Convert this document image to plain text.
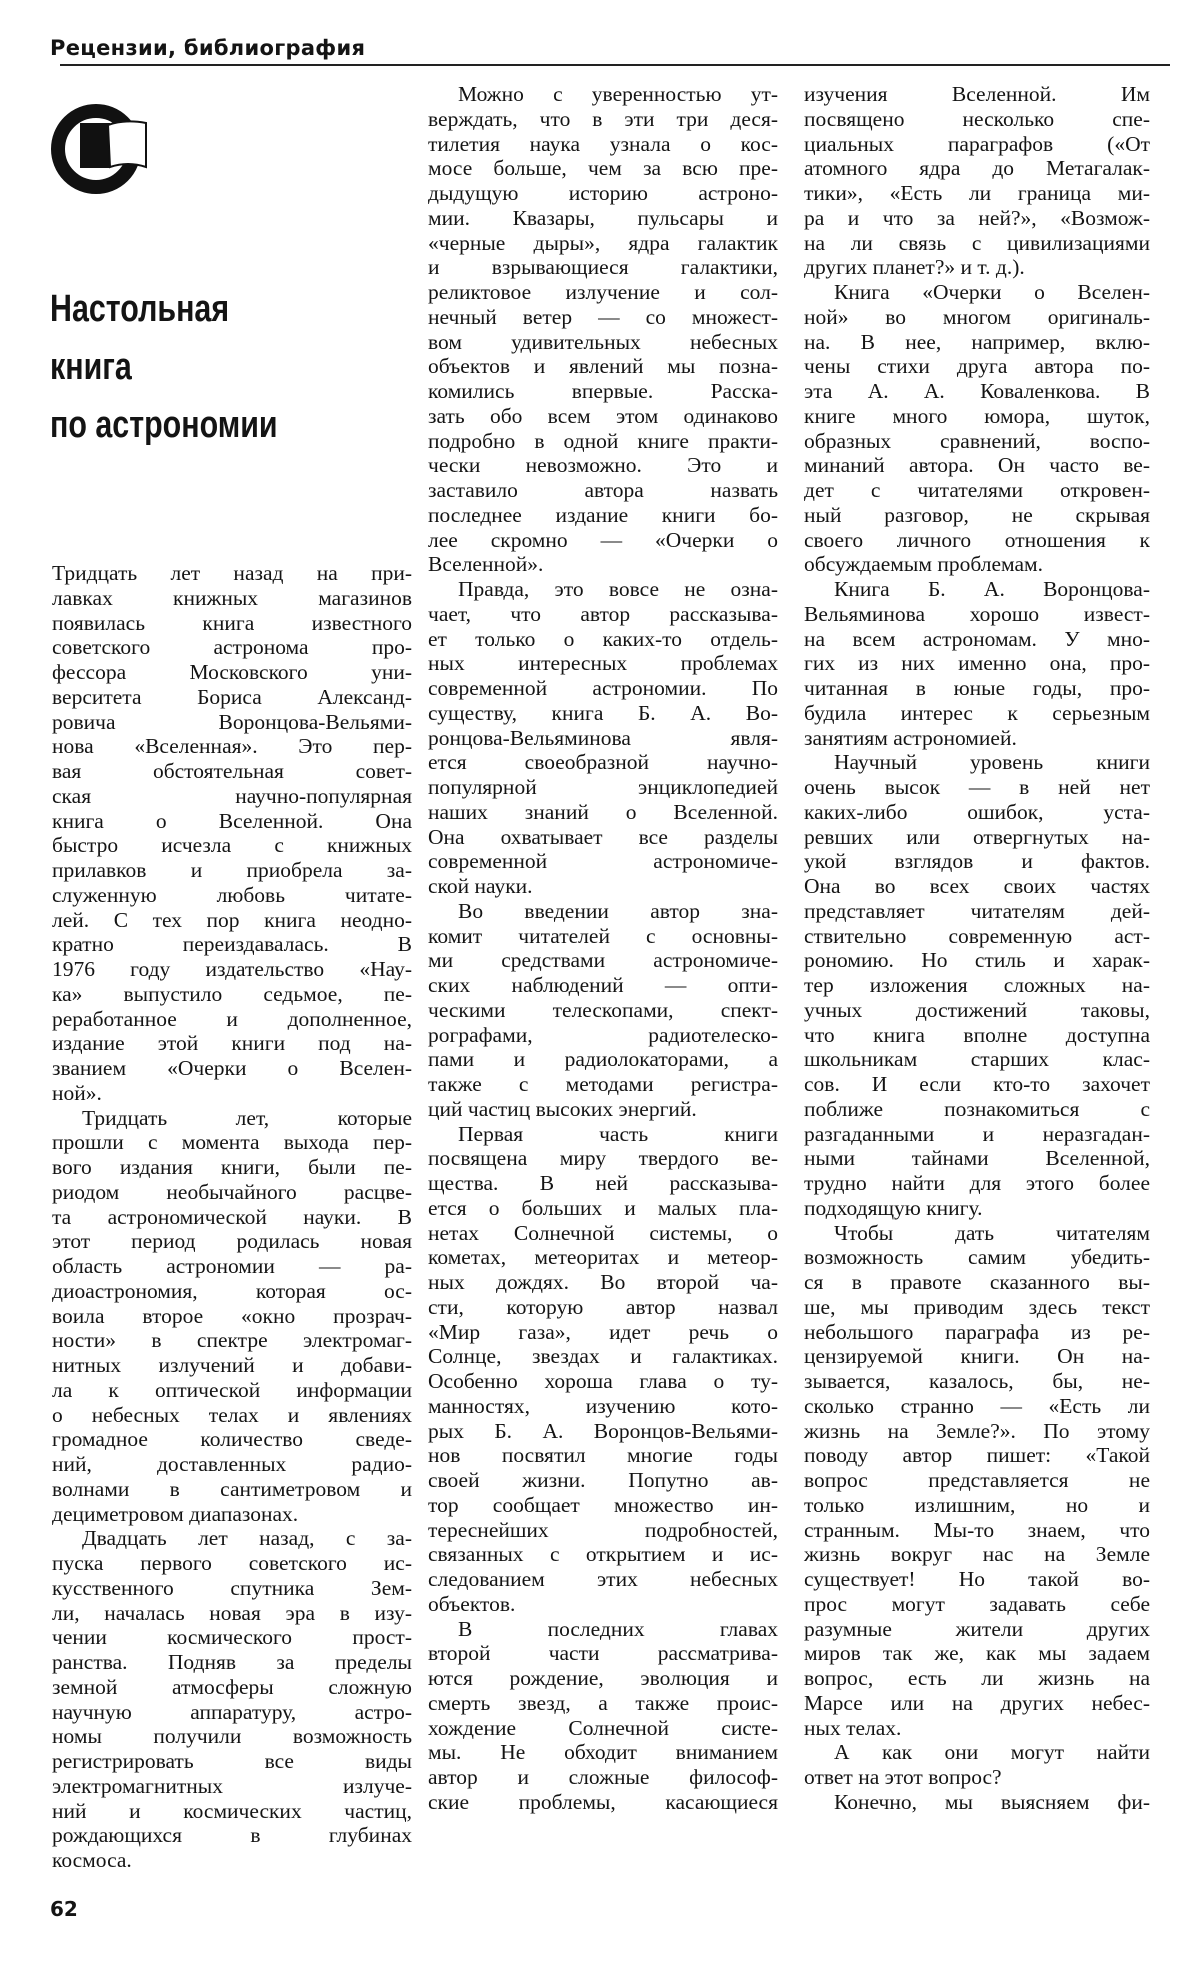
Рецензии, библиография
Настольная
книга
по астрономии
Тридцать лет назад на при-
лавках книжных магазинов
появилась книга известного
советского астронома про-
фессора Московского уни-
верситета Бориса Александ-
ровича Воронцова-Вельями-
нова «Вселенная». Это пер-
вая обстоятельная совет-
ская научно-популярная
книга о Вселенной. Она
быстро исчезла с книжных
прилавков и приобрела за-
служенную любовь читате-
лей. С тех пор книга неодно-
кратно переиздавалась. В
1976 году издательство «Нау-
ка» выпустило седьмое, пе-
реработанное и дополненное,
издание этой книги под на-
званием «Очерки о Вселен-
ной».
Тридцать лет, которые
прошли с момента выхода пер-
вого издания книги, были пе-
риодом необычайного расцве-
та астрономической науки. В
этот период родилась новая
область астрономии — ра-
диоастрономия, которая ос-
воила второе «окно прозрач-
ности» в спектре электромаг-
нитных излучений и добави-
ла к оптической информации
о небесных телах и явлениях
громадное количество сведе-
ний, доставленных радио-
волнами в сантиметровом и
дециметровом диапазонах.
Двадцать лет назад, с за-
пуска первого советского ис-
кусственного спутника Зем-
ли, началась новая эра в изу-
чении космического прост-
ранства. Подняв за пределы
земной атмосферы сложную
научную аппаратуру, астро-
номы получили возможность
регистрировать все виды
электромагнитных излуче-
ний и космических частиц,
рождающихся в глубинах
космоса.
Можно с уверенностью ут-
верждать, что в эти три деся-
тилетия наука узнала о кос-
мосе больше, чем за всю пре-
дыдущую историю астроно-
мии. Квазары, пульсары и
«черные дыры», ядра галактик
и взрывающиеся галактики,
реликтовое излучение и сол-
нечный ветер — со множест-
вом удивительных небесных
объектов и явлений мы позна-
комились впервые. Расска-
зать обо всем этом одинаково
подробно в одной книге практи-
чески невозможно. Это и
заставило автора назвать
последнее издание книги бо-
лее скромно — «Очерки о
Вселенной».
Правда, это вовсе не озна-
чает, что автор рассказыва-
ет только о каких-то отдель-
ных интересных проблемах
современной астрономии. По
существу, книга Б. А. Во-
ронцова-Вельяминова явля-
ется своеобразной научно-
популярной энциклопедией
наших знаний о Вселенной.
Она охватывает все разделы
современной астрономиче-
ской науки.
Во введении автор зна-
комит читателей с основны-
ми средствами астрономиче-
ских наблюдений — опти-
ческими телескопами, спект-
рографами, радиотелеско-
пами и радиолокаторами, а
также с методами регистра-
ций частиц высоких энергий.
Первая часть книги
посвящена миру твердого ве-
щества. В ней рассказыва-
ется о больших и малых пла-
нетах Солнечной системы, о
кометах, метеоритах и метеор-
ных дождях. Во второй ча-
сти, которую автор назвал
«Мир газа», идет речь о
Солнце, звездах и галактиках.
Особенно хороша глава о ту-
манностях, изучению кото-
рых Б. А. Воронцов-Вельями-
нов посвятил многие годы
своей жизни. Попутно ав-
тор сообщает множество ин-
тереснейших подробностей,
связанных с открытием и ис-
следованием этих небесных
объектов.
В последних главах
второй части рассматрива-
ются рождение, эволюция и
смерть звезд, а также проис-
хождение Солнечной систе-
мы. Не обходит вниманием
автор и сложные философ-
ские проблемы, касающиеся
изучения Вселенной. Им
посвящено несколько спе-
циальных параграфов («От
атомного ядра до Метагалак-
тики», «Есть ли граница ми-
ра и что за ней?», «Возмож-
на ли связь с цивилизациями
других планет?» и т. д.).
Книга «Очерки о Вселен-
ной» во многом оригиналь-
на. В нее, например, вклю-
чены стихи друга автора по-
эта А. А. Коваленкова. В
книге много юмора, шуток,
образных сравнений, воспо-
минаний автора. Он часто ве-
дет с читателями откровен-
ный разговор, не скрывая
своего личного отношения к
обсуждаемым проблемам.
Книга Б. А. Воронцова-
Вельяминова хорошо извест-
на всем астрономам. У мно-
гих из них именно она, про-
читанная в юные годы, про-
будила интерес к серьезным
занятиям астрономией.
Научный уровень книги
очень высок — в ней нет
каких-либо ошибок, уста-
ревших или отвергнутых на-
укой взглядов и фактов.
Она во всех своих частях
представляет читателям дей-
ствительно современную аст-
рономию. Но стиль и харак-
тер изложения сложных на-
учных достижений таковы,
что книга вполне доступна
школьникам старших клас-
сов. И если кто-то захочет
поближе познакомиться с
разгаданными и неразгадан-
ными тайнами Вселенной,
трудно найти для этого более
подходящую книгу.
Чтобы дать читателям
возможность самим убедить-
ся в правоте сказанного вы-
ше, мы приводим здесь текст
небольшого параграфа из ре-
цензируемой книги. Он на-
зывается, казалось, бы, не-
сколько странно — «Есть ли
жизнь на Земле?». По этому
поводу автор пишет: «Такой
вопрос представляется не
только излишним, но и
странным. Мы-то знаем, что
жизнь вокруг нас на Земле
существует! Но такой во-
прос могут задавать себе
разумные жители других
миров так же, как мы задаем
вопрос, есть ли жизнь на
Марсе или на других небес-
ных телах.
А как они могут найти
ответ на этот вопрос?
Конечно, мы выясняем фи-
62
